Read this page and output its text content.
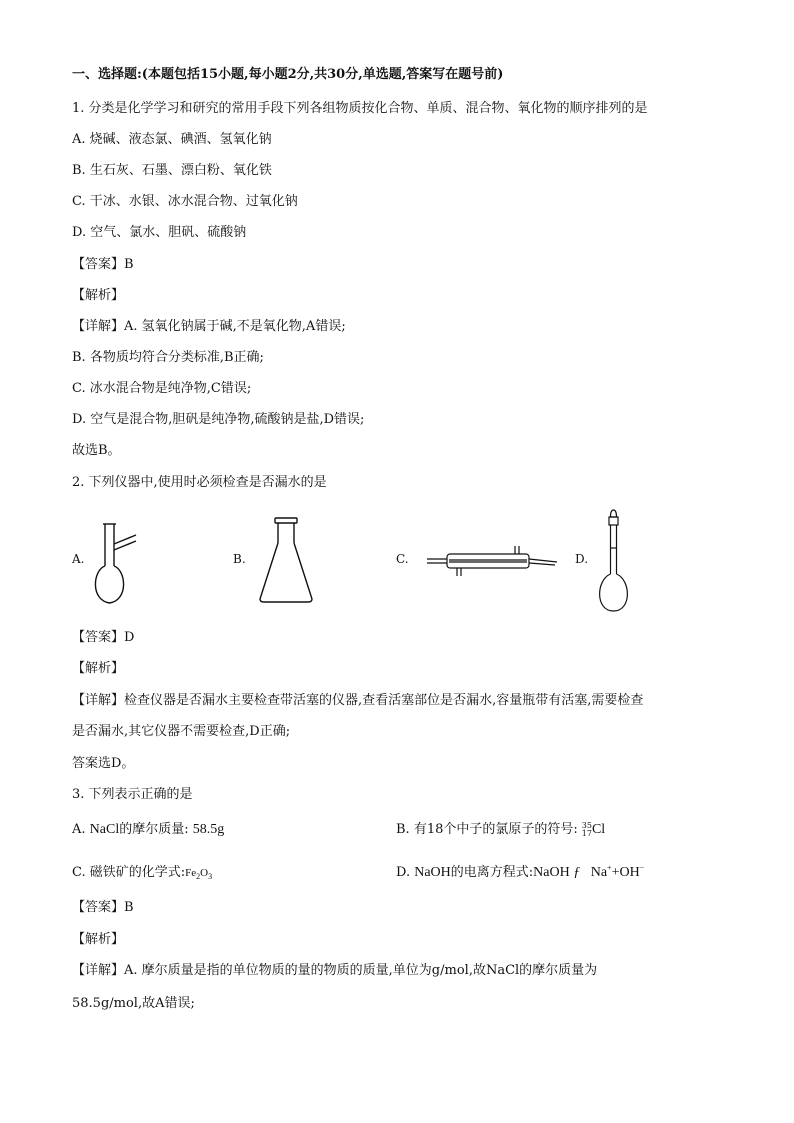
一、选择题:(本题包括15小题,每小题2分,共30分,单选题,答案写在题号前)
1. 分类是化学学习和研究的常用手段下列各组物质按化合物、单质、混合物、氧化物的顺序排列的是
A. 烧碱、液态氯、碘酒、氢氧化钠
B. 生石灰、石墨、漂白粉、氧化铁
C. 干冰、水银、冰水混合物、过氧化钠
D. 空气、氯水、胆矾、硫酸钠
【答案】B
【解析】
【详解】A. 氢氧化钠属于碱,不是氧化物,A错误;
B. 各物质均符合分类标准,B正确;
C. 冰水混合物是纯净物,C错误;
D. 空气是混合物,胆矾是纯净物,硫酸钠是盐,D错误;
故选B。
2. 下列仪器中,使用时必须检查是否漏水的是
A.	B.	C.	D.
【答案】D
【解析】
【详解】检查仪器是否漏水主要检查带活塞的仪器,查看活塞部位是否漏水,容量瓶带有活塞,需要检查
是否漏水,其它仪器不需要检查,D正确;
答案选D。
3. 下列表示正确的是
A. NaCl的摩尔质量: 58.5g	B. 有18个中子的氯原子的符号: 35
17 Cl
C. 磁铁矿的化学式$:Fe_2O_3$	D. NaOH的电离方程式:NaOH ƒ Na++OH−
【答案】B
【解析】
【详解】A. 摩尔质量是指的单位物质的量的物质的质量,单位为g/mol,故NaCl的摩尔质量为
58.5g/mol,故A错误;
